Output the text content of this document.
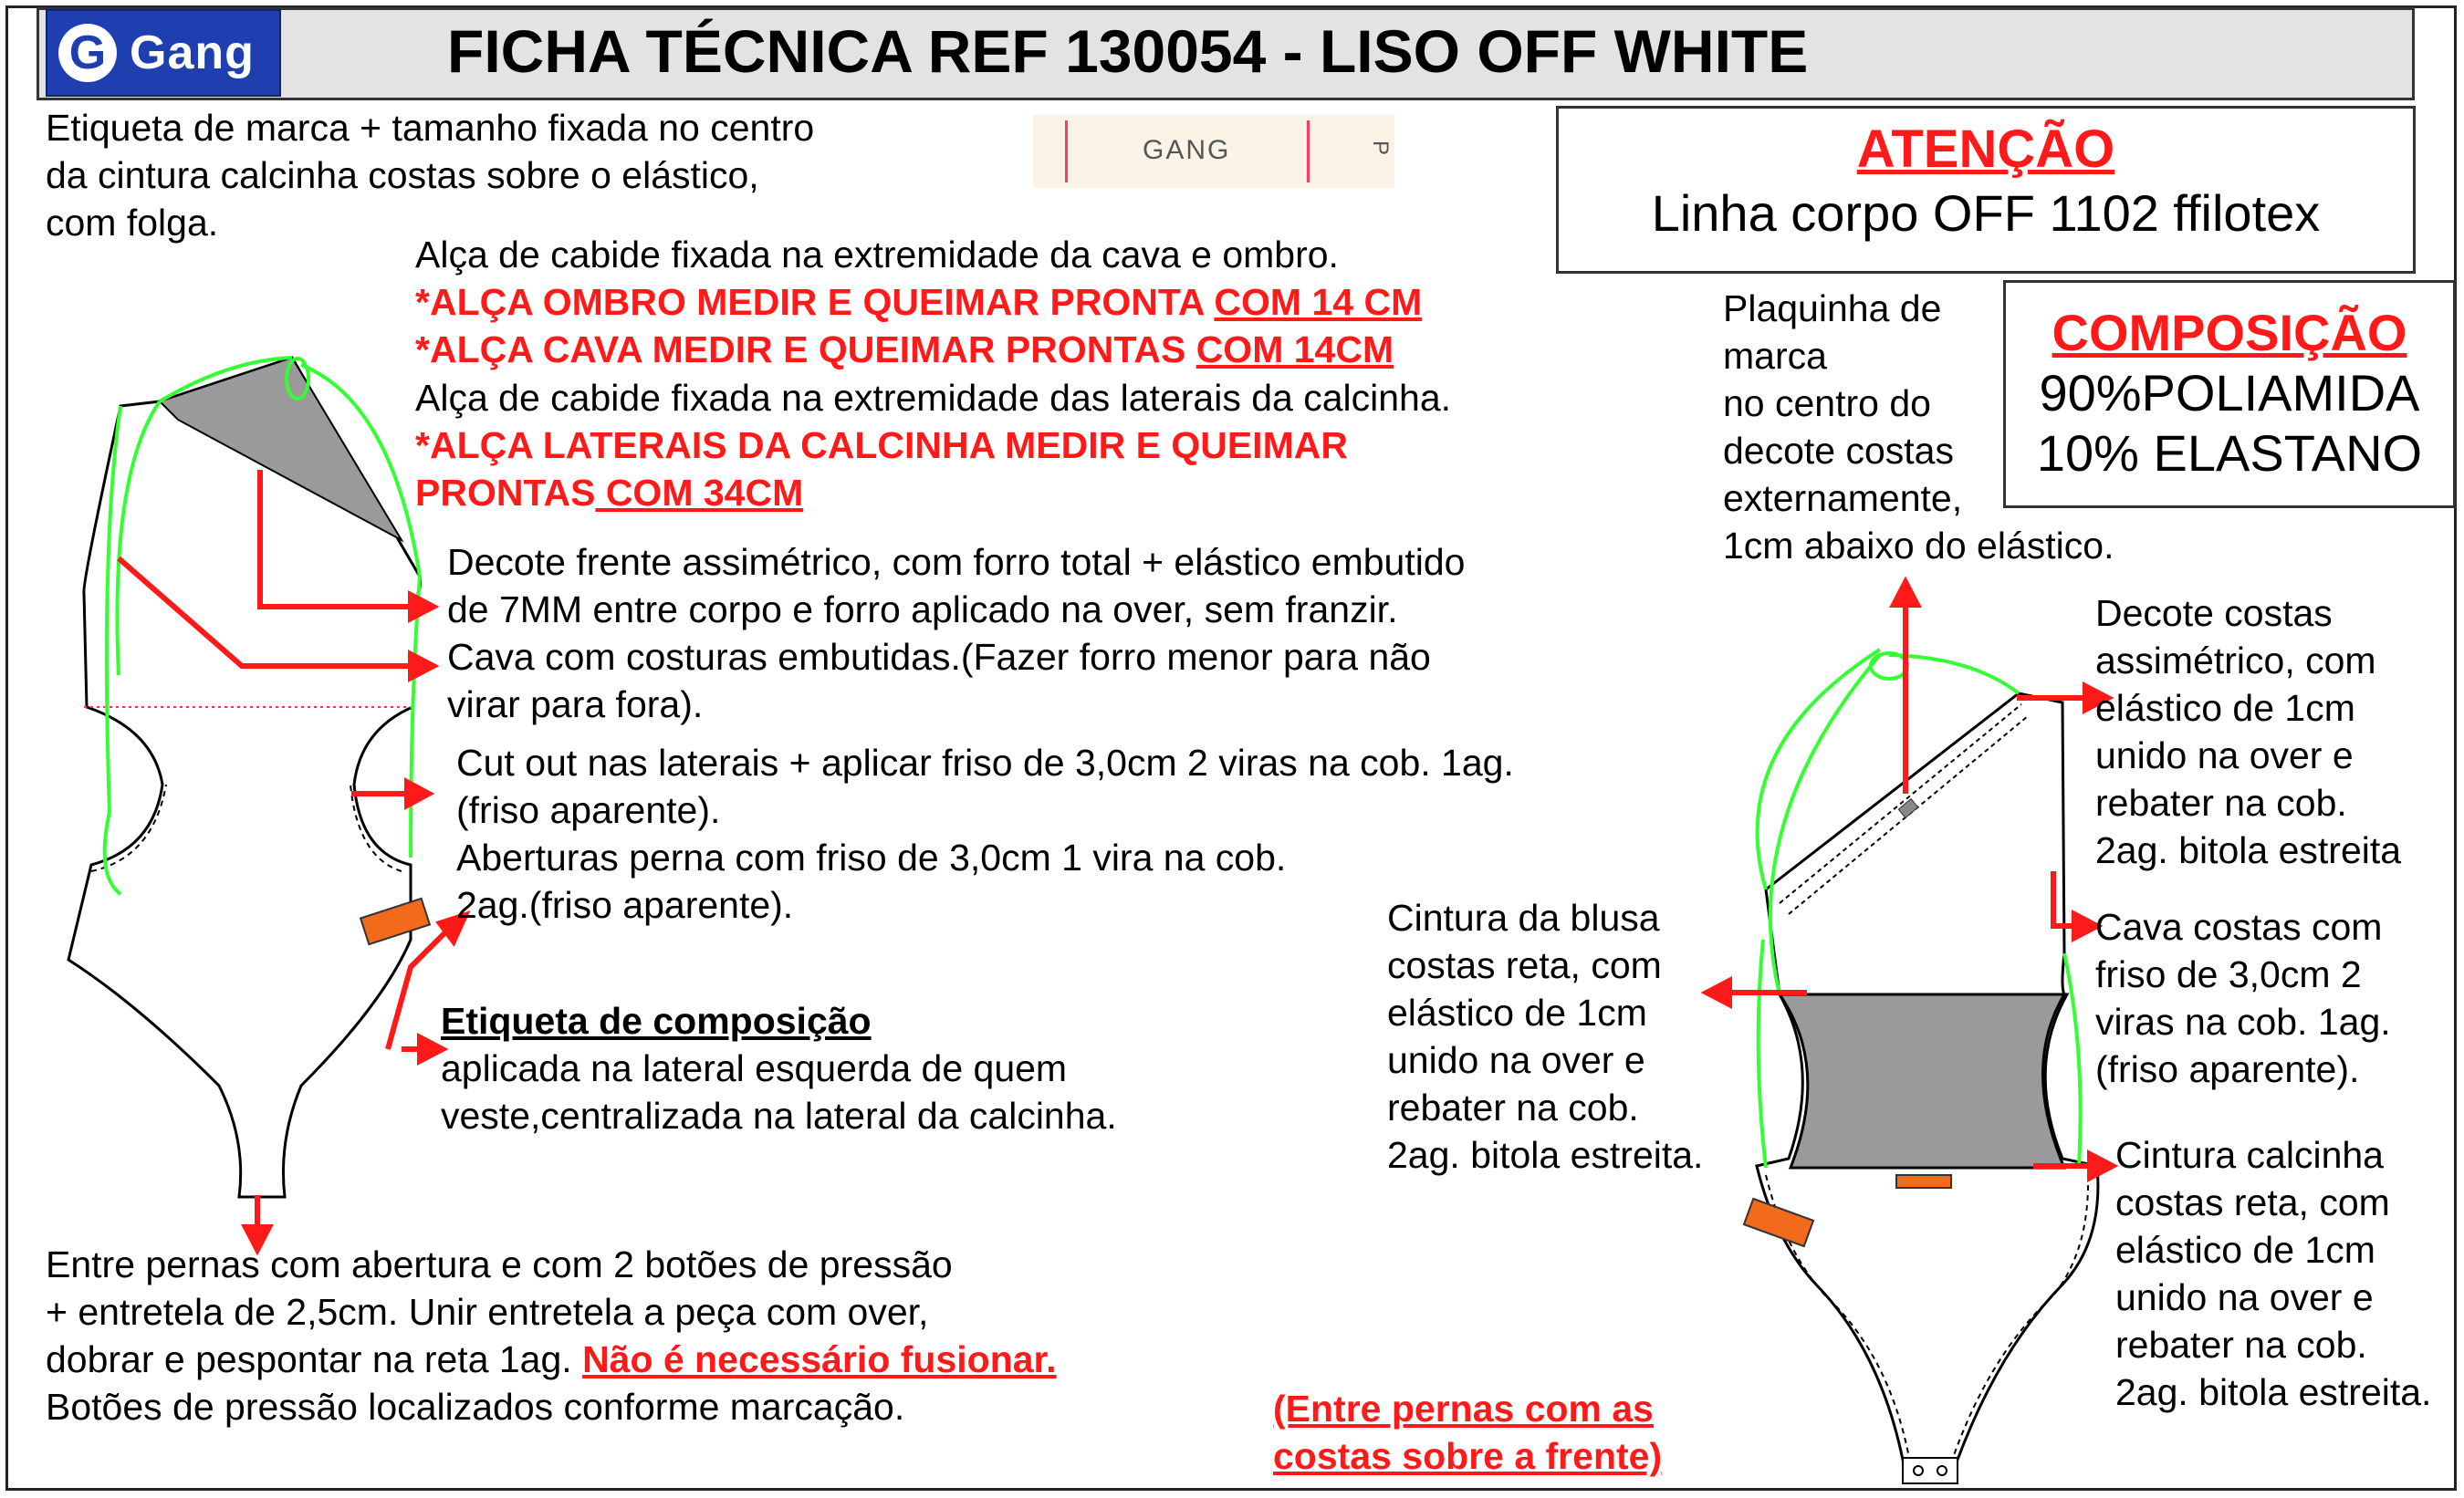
G Gang	FICHA TÉCNICA REF 130054 - LISO OFF WHITE
GANG	P
Etiqueta de marca + tamanho fixada no centro
da cintura calcinha costas sobre o elástico,
com folga.
Alça de cabide fixada na extremidade da cava e ombro.
*ALÇA OMBRO MEDIR E QUEIMAR PRONTA COM 14 CM
*ALÇA CAVA MEDIR E QUEIMAR PRONTAS COM 14CM
Alça de cabide fixada na extremidade das laterais da calcinha.
*ALÇA LATERAIS DA CALCINHA MEDIR E QUEIMAR
PRONTAS COM 34CM
Decote frente assimétrico, com forro total + elástico embutido
de 7MM entre corpo e forro aplicado na over, sem franzir.
Cava com costuras embutidas.(Fazer forro menor para não
virar para fora).
Cut out nas laterais + aplicar friso de 3,0cm 2 viras na cob. 1ag.
(friso aparente).
Aberturas perna com friso de 3,0cm 1 vira na cob.
2ag.(friso aparente).
Etiqueta de composição
aplicada na lateral esquerda de quem
veste,centralizada na lateral da calcinha.
Entre pernas com abertura e com 2 botões de pressão
+ entretela de 2,5cm. Unir entretela a peça com over,
dobrar e pespontar na reta 1ag. Não é necessário fusionar.
Botões de pressão localizados conforme marcação.	(Entre pernas com as
costas sobre a frente)
ATENÇÃO
Linha corpo OFF 1102 ffilotex
COMPOSIÇÃO
90%POLIAMIDA
10% ELASTANO
Plaquinha de
marca
no centro do
decote costas
externamente,
1cm abaixo do elástico.
Decote costas
assimétrico, com
elástico de 1cm
unido na over e
rebater na cob.
2ag. bitola estreita
Cava costas com
friso de 3,0cm 2
viras na cob. 1ag.
(friso aparente).
Cintura da blusa
costas reta, com
elástico de 1cm
unido na over e
rebater na cob.
2ag. bitola estreita.	Cintura calcinha
costas reta, com
elástico de 1cm
unido na over e
rebater na cob.
2ag. bitola estreita.
